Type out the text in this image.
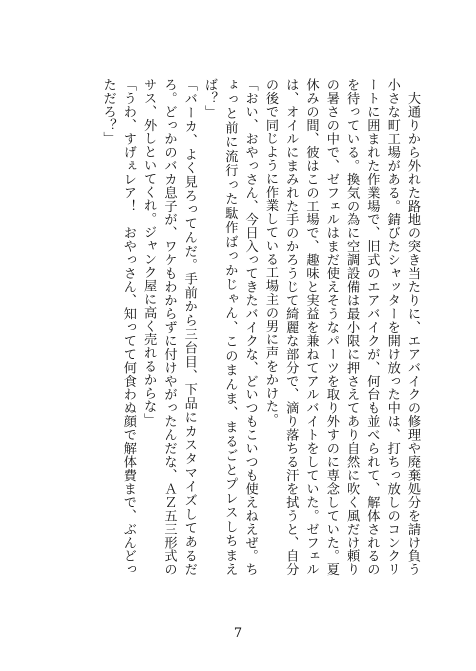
　大通りから外れた路地の突き当たりに、エアバイクの修理や廃棄処分を請け負う小さな町工場がある。錆びたシャッターを開け放った中は、打ちっ放しのコンクリートに囲まれた作業場で、旧式のエアバイクが、何台も並べられて、解体されるのを待っている。換気の為に空調設備は最小限に押さえてあり自然に吹く風だけ頼りの暑さの中で、ゼフェルはまだ使えそうなパーツを取り外すのに専念していた。夏休みの間、彼はこの工場で、趣味と実益を兼ねてアルバイトをしていた。ゼフェルは、オイルにまみれた手のかろうじて綺麗な部分で、滴り落ちる汗を拭うと、自分の後で同じように作業している工場主の男に声をかけた。

「おい、おやっさん、今日入ってきたバイクな、どいつもこいつも使えねえぜ。ちょっと前に流行った駄作ばっかじゃん、このまんま、まるごとプレスしちまえば？」

「バーカ、よく見ろってんだ。手前から三台目、下品にカスタマイズしてあるだろ。どっかのバカ息子が、ワケもわからずに付けやがったんだな、ＡＺ五三形式のサス、外しといてくれ。ジャンク屋に高く売れるからな」

「うわ、すげぇレア！　おやっさん、知ってて何食わぬ顔で解体費まで、ぶんどっただろ？」

7
